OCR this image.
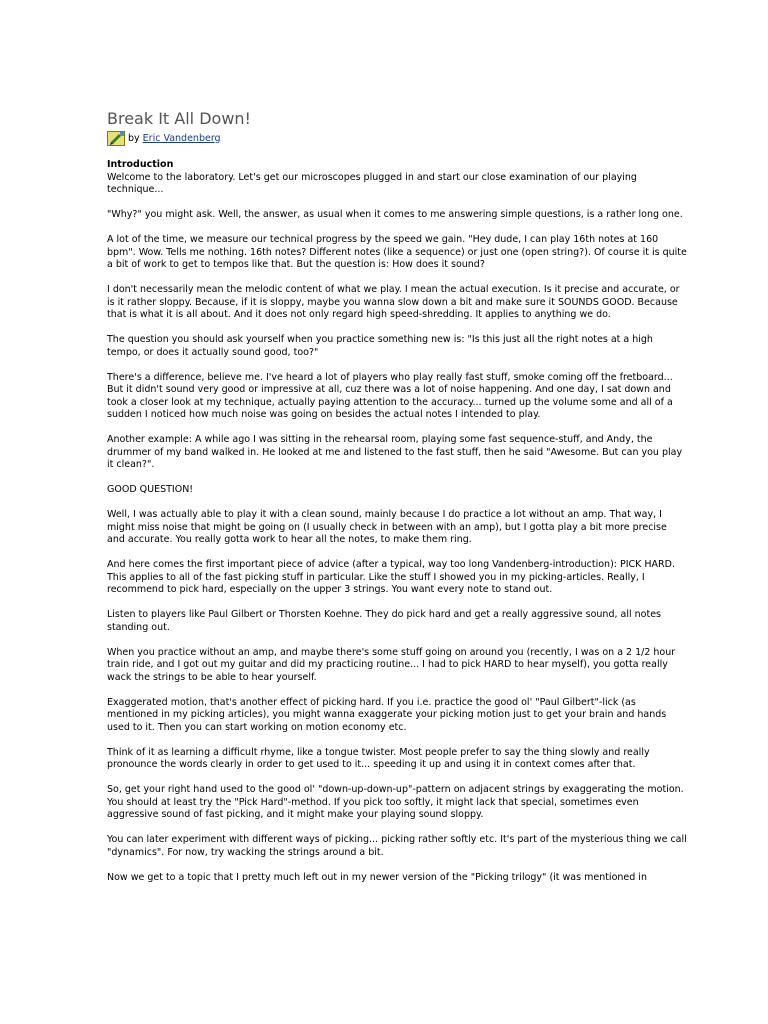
Break It All Down!
by Eric Vandenberg
Introduction

Welcome to the laboratory. Let's get our microscopes plugged in and start our close examination of our playing technique...

"Why?" you might ask. Well, the answer, as usual when it comes to me answering simple questions, is a rather long one.

A lot of the time, we measure our technical progress by the speed we gain. "Hey dude, I can play 16th notes at 160 bpm". Wow. Tells me nothing. 16th notes? Different notes (like a sequence) or just one (open string?). Of course it is quite a bit of work to get to tempos like that. But the question is: How does it sound?

I don't necessarily mean the melodic content of what we play. I mean the actual execution. Is it precise and accurate, or is it rather sloppy. Because, if it is sloppy, maybe you wanna slow down a bit and make sure it SOUNDS GOOD. Because that is what it is all about. And it does not only regard high speed-shredding. It applies to anything we do.

The question you should ask yourself when you practice something new is: "Is this just all the right notes at a high tempo, or does it actually sound good, too?"

There's a difference, believe me. I've heard a lot of players who play really fast stuff, smoke coming off the fretboard... But it didn't sound very good or impressive at all, cuz there was a lot of noise happening. And one day, I sat down and took a closer look at my technique, actually paying attention to the accuracy... turned up the volume some and all of a sudden I noticed how much noise was going on besides the actual notes I intended to play.

Another example: A while ago I was sitting in the rehearsal room, playing some fast sequence-stuff, and Andy, the drummer of my band walked in. He looked at me and listened to the fast stuff, then he said "Awesome. But can you play it clean?".

GOOD QUESTION!

Well, I was actually able to play it with a clean sound, mainly because I do practice a lot without an amp. That way, I might miss noise that might be going on (I usually check in between with an amp), but I gotta play a bit more precise and accurate. You really gotta work to hear all the notes, to make them ring.

And here comes the first important piece of advice (after a typical, way too long Vandenberg-introduction): PICK HARD. This applies to all of the fast picking stuff in particular. Like the stuff I showed you in my picking-articles. Really, I recommend to pick hard, especially on the upper 3 strings. You want every note to stand out.

Listen to players like Paul Gilbert or Thorsten Koehne. They do pick hard and get a really aggressive sound, all notes standing out.

When you practice without an amp, and maybe there's some stuff going on around you (recently, I was on a 2 1/2 hour train ride, and I got out my guitar and did my practicing routine... I had to pick HARD to hear myself), you gotta really wack the strings to be able to hear yourself.

Exaggerated motion, that's another effect of picking hard. If you i.e. practice the good ol' "Paul Gilbert"-lick (as mentioned in my picking articles), you might wanna exaggerate your picking motion just to get your brain and hands used to it. Then you can start working on motion economy etc.

Think of it as learning a difficult rhyme, like a tongue twister. Most people prefer to say the thing slowly and really pronounce the words clearly in order to get used to it... speeding it up and using it in context comes after that.

So, get your right hand used to the good ol' "down-up-down-up"-pattern on adjacent strings by exaggerating the motion. You should at least try the "Pick Hard"-method. If you pick too softly, it might lack that special, sometimes even aggressive sound of fast picking, and it might make your playing sound sloppy.

You can later experiment with different ways of picking... picking rather softly etc. It's part of the mysterious thing we call "dynamics". For now, try wacking the strings around a bit.

Now we get to a topic that I pretty much left out in my newer version of the "Picking trilogy" (it was mentioned in
